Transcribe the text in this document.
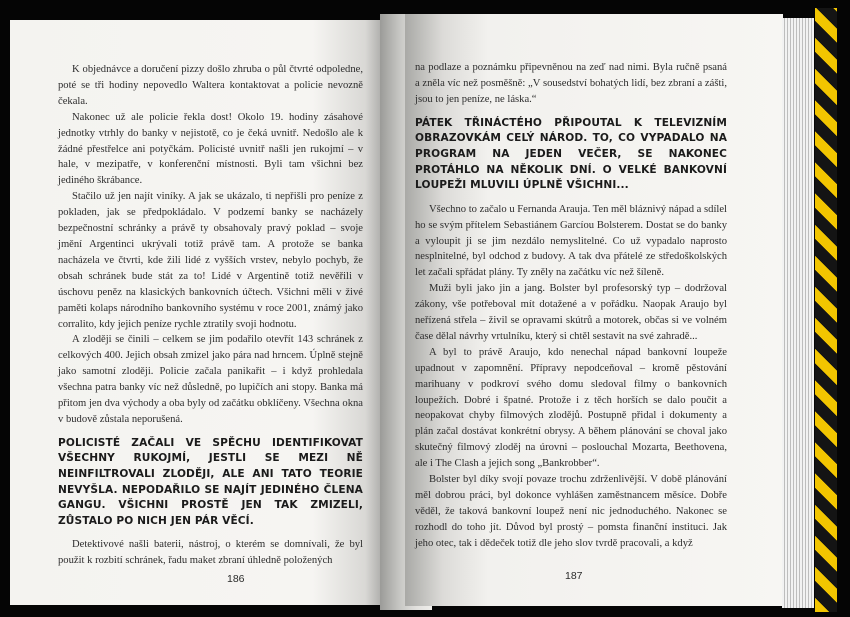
K objednávce a doručení pizzy došlo zhruba o půl čtvrté odpoledne, poté se tři hodiny nepovedlo Waltera kontaktovat a policie nevozně čekala.

Nakonec už ale policie řekla dost! Okolo 19. hodiny zásahové jednotky vtrhly do banky v nejistotě, co je čeká uvnitř. Nedošlo ale k žádné přestřelce ani potyčkám. Policisté uvnitř našli jen rukojmí – v hale, v mezipatře, v konferenční místnosti. Byli tam všichni bez jediného škrábance.

Stačilo už jen najít viníky. A jak se ukázalo, ti nepřišli pro peníze z pokladen, jak se předpokládalo. V podzemí banky se nacházely bezpečnostní schránky a právě ty obsahovaly pravý poklad – svoje jmění Argentinci ukrývali totiž právě tam. A protože se banka nacházela ve čtvrti, kde žili lidé z vyšších vrstev, nebylo pochyb, že obsah schránek bude stát za to! Lidé v Argentině totiž nevěřili v úschovu peněz na klasických bankovních účtech. Všichni měli v živé paměti kolaps národního bankovního systému v roce 2001, známý jako corralito, kdy jejich peníze rychle ztratily svoji hodnotu.

A zloději se činili – celkem se jim podařilo otevřít 143 schránek z celkových 400. Jejich obsah zmizel jako pára nad hrncem. Úplně stejně jako samotní zloději. Policie začala panikařit – i když prohledala všechna patra banky víc než důsledně, po lupičích ani stopy. Banka má přitom jen dva východy a oba byly od začátku obklíčeny. Všechna okna v budově zůstala neporušená.

POLICISTÉ ZAČALI VE SPĚCHU IDENTIFIKOVAT VŠECHNY RUKOJMÍ, JESTLI SE MEZI NĚ NEINFILTROVALI ZLODĚJI, ALE ANI TATO TEORIE NEVYŠLA. NEPODAŘILO SE NAJÍT JEDINÉHO ČLENA GANGU. VŠICHNI PROSTĚ JEN TAK ZMIZELI, ZŮSTALO PO NICH JEN PÁR VĚCÍ.

Detektivové našli baterii, nástroj, o kterém se domnívali, že byl použit k rozbití schránek, řadu maket zbraní úhledně položených

186

na podlaze a poznámku připevněnou na zeď nad nimi. Byla ručně psaná a zněla víc než posměšně: „V sousedství bohatých lidí, bez zbraní a zášti, jsou to jen peníze, ne láska.“

PÁTEK TŘINÁCTÉHO PŘIPOUTAL K TELEVIZNÍM OBRAZOVKÁM CELÝ NÁROD. TO, CO VYPADALO NA PROGRAM NA JEDEN VEČER, SE NAKONEC PROTÁHLO NA NĚKOLIK DNÍ. O VELKÉ BANKOVNÍ LOUPEŽI MLUVILI ÚPLNĚ VŠICHNI...

Všechno to začalo u Fernanda Arauja. Ten měl bláznivý nápad a sdílel ho se svým přítelem Sebastiánem Garcíou Bolsterem. Dostat se do banky a vyloupit ji se jim nezdálo nemyslitelné. Co už vypadalo naprosto nesplnitelné, byl odchod z budovy. A tak dva přátelé ze středoškolských let začali spřádat plány. Ty zněly na začátku víc než šíleně.

Muži byli jako jin a jang. Bolster byl profesorský typ – dodržoval zákony, vše potřeboval mít dotažené a v pořádku. Naopak Araujo byl neřízená střela – živil se opravami skútrů a motorek, občas si ve volném čase dělal návrhy vrtulníku, který si chtěl sestavit na své zahradě...

A byl to právě Araujo, kdo nenechal nápad bankovní loupeže upadnout v zapomnění. Přípravy nepodceňoval – kromě pěstování marihuany v podkroví svého domu sledoval filmy o bankovních loupežích. Dobré i špatné. Protože i z těch horších se dalo poučit a neopakovat chyby filmových zlodějů. Postupně přidal i dokumenty a plán začal dostávat konkrétní obrysy. A během plánování se choval jako skutečný filmový zloděj na úrovni – poslouchal Mozarta, Beethovena, ale i The Clash a jejich song „Bankrobber“.

Bolster byl díky svojí povaze trochu zdrženlivější. V době plánování měl dobrou práci, byl dokonce vyhlášen zaměstnancem měsíce. Dobře věděl, že taková bankovní loupež není nic jednoduchého. Nakonec se rozhodl do toho jít. Důvod byl prostý – pomsta finanční instituci. Jak jeho otec, tak i dědeček totiž dle jeho slov tvrdě pracovali, a když

187
